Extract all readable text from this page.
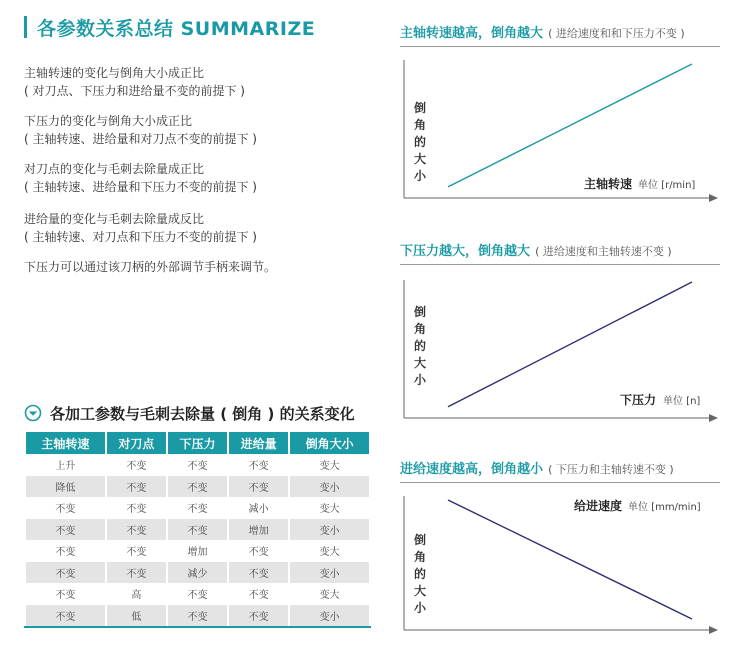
各参数关系总结 SUMMARIZE
主轴转速的变化与倒角大小成正比
( 对刀点、下压力和进给量不变的前提下 )
下压力的变化与倒角大小成正比
( 主轴转速、进给量和对刀点不变的前提下 )
对刀点的变化与毛刺去除量成正比
( 主轴转速、进给量和下压力不变的前提下 )
进给量的变化与毛刺去除量成反比
( 主轴转速、对刀点和下压力不变的前提下 )
下压力可以通过该刀柄的外部调节手柄来调节。
各加工参数与毛刺去除量 ( 倒角 ) 的关系变化
主轴转速	对刀点	下压力	进给量	倒角大小
上升	不变	不变	不变	变大
降低	不变	不变	不变	变小
不变	不变	不变	减小	变大
不变	不变	不变	增加	变小
不变	不变	增加	不变	变大
不变	不变	减少	不变	变小
不变	高	不变	不变	变大
不变	低	不变	不变	变小
主轴转速越高，倒角越大 ( 进给速度和和下压力不变 )
倒角的大小
主轴转速 单位 [r/min]
下压力越大，倒角越大 ( 进给速度和主轴转速不变 )
倒角的大小
下压力 单位 [n]
进给速度越高，倒角越小 ( 下压力和主轴转速不变 )
倒角的大小
给进速度 单位 [mm/min]
